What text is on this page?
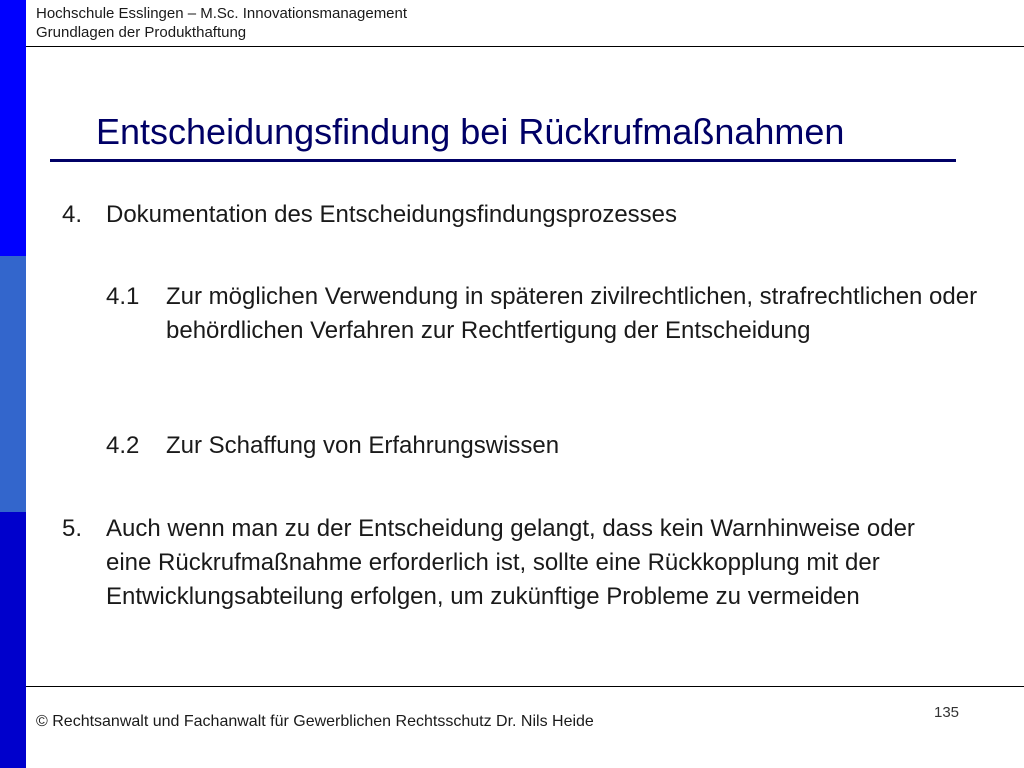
Hochschule Esslingen – M.Sc. Innovationsmanagement
Grundlagen der Produkthaftung
Entscheidungsfindung bei Rückrufmaßnahmen
4. Dokumentation des Entscheidungsfindungsprozesses
4.1	Zur möglichen Verwendung in späteren zivilrechtlichen, strafrechtlichen oder behördlichen Verfahren zur Rechtfertigung der Entscheidung
4.2	Zur Schaffung von Erfahrungswissen
5. Auch wenn man zu der Entscheidung gelangt, dass kein Warnhinweise oder eine Rückrufmaßnahme erforderlich ist, sollte eine Rückkopplung mit der Entwicklungsabteilung erfolgen, um zukünftige Probleme zu vermeiden
© Rechtsanwalt und Fachanwalt für Gewerblichen Rechtsschutz Dr. Nils Heide
135
